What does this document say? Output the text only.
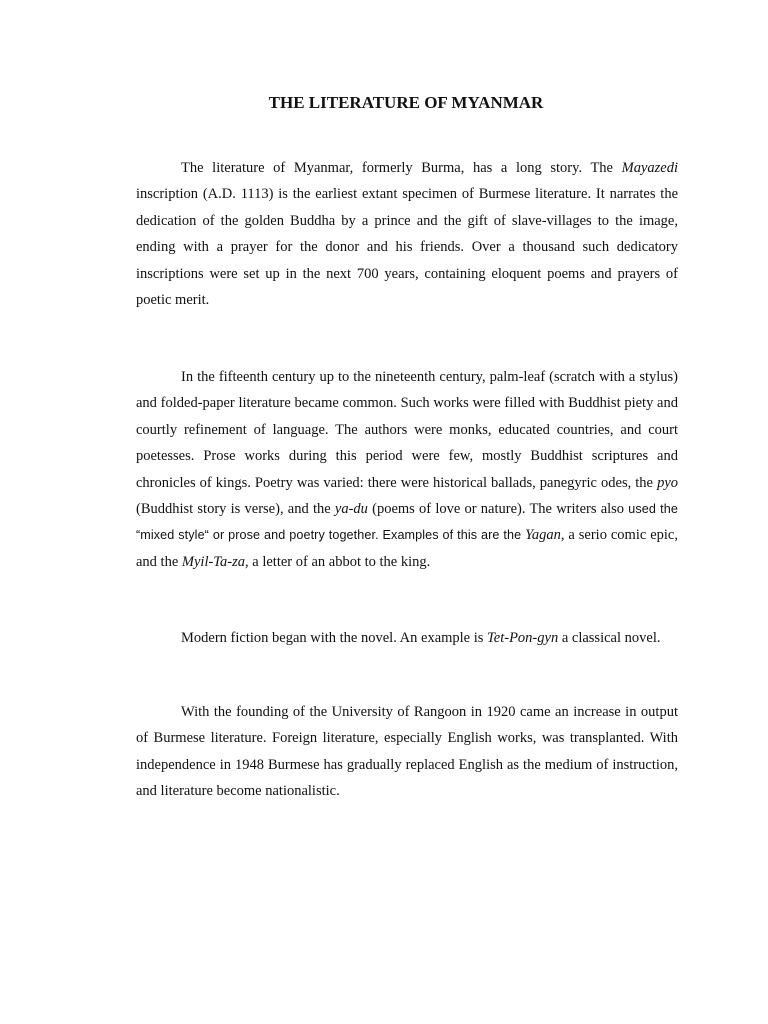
THE LITERATURE OF MYANMAR

The literature of Myanmar, formerly Burma, has a long story. The Mayazedi inscription (A.D. 1113) is the earliest extant specimen of Burmese literature. It narrates the dedication of the golden Buddha by a prince and the gift of slave-villages to the image, ending with a prayer for the donor and his friends. Over a thousand such dedicatory inscriptions were set up in the next 700 years, containing eloquent poems and prayers of poetic merit.

In the fifteenth century up to the nineteenth century, palm-leaf (scratch with a stylus) and folded-paper literature became common. Such works were filled with Buddhist piety and courtly refinement of language. The authors were monks, educated countries, and court poetesses. Prose works during this period were few, mostly Buddhist scriptures and chronicles of kings. Poetry was varied: there were historical ballads, panegyric odes, the pyo (Buddhist story is verse), and the ya-du (poems of love or nature). The writers also used the “mixed style“ or prose and poetry together. Examples of this are the Yagan, a serio comic epic, and the Myil-Ta-za, a letter of an abbot to the king.

Modern fiction began with the novel. An example is Tet-Pon-gyn a classical novel.

With the founding of the University of Rangoon in 1920 came an increase in output of Burmese literature. Foreign literature, especially English works, was transplanted. With independence in 1948 Burmese has gradually replaced English as the medium of instruction, and literature become nationalistic.
